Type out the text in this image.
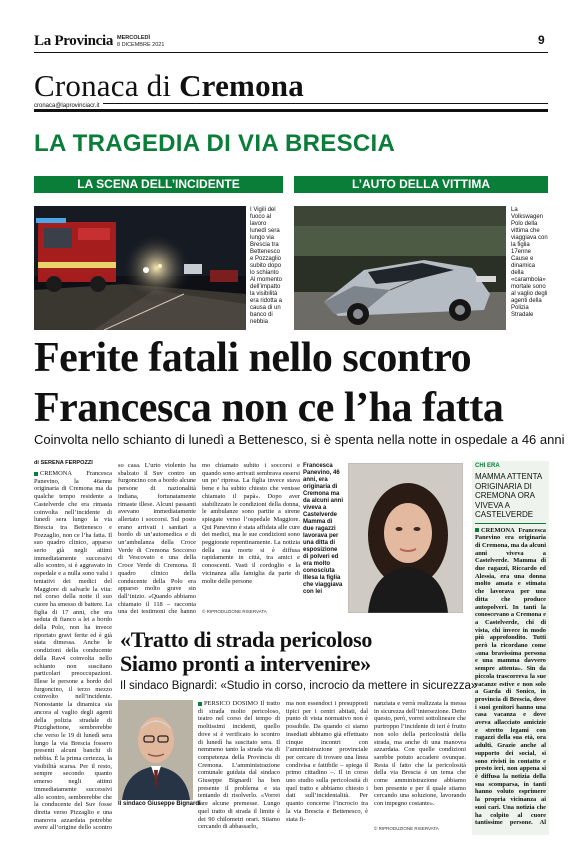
La Provincia MERCOLEDÌ
8 DICEMBRE 2021	9
Cronaca di Cremona
cronaca@laprovinciacr.it
LA TRAGEDIA DI VIA BRESCIA
LA SCENA DELL’INCIDENTE	L’AUTO DELLA VITTIMA
I Vigili del fuoco al lavoro lunedì sera lungo via Brescia tra Bettenesco e Pozzaglio subito dopo lo schianto Al momento dell’impatto la visibilità era ridotta a causa di un banco di nebbia
La Volkswagen Polo della vittima che viaggiava con la figlia 17enne Cause e dinamica della «carambola» mortale sono al vaglio degli agenti della Polizia Stradale
Ferite fatali nello scontro
Francesca non ce l’ha fatta
Coinvolta nello schianto di lunedì a Bettenesco, si è spenta nella notte in ospedale a 46 anni
di SERENA FERPOZZI
CREMONA Francesca Panevino, la 46enne originaria di Cremona ma da qualche tempo residente a Castelverde che era rimasta coinvolta nell’incidente di lunedì sera lungo la via Brescia tra Bettenesco e Pozzaglio, non ce l’ha fatta. Il suo quadro clinico, apparso serio già negli attimi immediatamente successivi allo scontro, si è aggravato in ospedale e a nulla sono valsi i tentativi dei medici del Maggiore di salvarle la vita: nel corso della notte il suo cuore ha smesso di battere. La figlia di 17 anni, che era seduta di fianco a lei a bordo della Polo, non ha invece riportato gravi ferite ed è già stata dimessa. Anche le condizioni della conducente della Rav4 coinvolta nello schianto non suscitano particolari preoccupazioni. Illese le persone a bordo del furgoncino, il terzo mezzo coinvolto nell’incidente. Nonostante la dinamica sia ancora al vaglio degli agenti della polizia stradale di Pizzighettone, sembrerebbe che verso le 19 di lunedì sera lungo la via Brescia fossero presenti alcuni banchi di nebbia. È la prima certezza, la visibilità scarsa. Per il resto, sempre secondo quanto emerso negli attimi immediatamente successivi allo scontro, sembrerebbe che la conducente del Suv fosse diretta verso Pizzaglio e una manovra azzardata potrebbe avere all’origine dello scontro
so casa. L’urto violento ha sbalzato il Suv contro un furgoncino con a bordo alcune persone di nazionalità indiana, fortunatamente rimaste illese. Alcuni passanti avevano immediatamente allertato i soccorsi. Sul posto erano arrivati i sanitari a bordo di un’automedica e di un’ambulanza della Croce Verde di Cremona Soccorso di Vescovato e una della Croce Verde di Cremona. Il quadro clinico della conducente della Polo era apparso molto grave sin dall’inizio. «Quando abbiamo chiamato il 118 – racconta una dei testimoni che hanno
mo chiamato subito i soccorsi e quando sono arrivati sembrava essersi un po’ ripresa. La figlia invece stava bene e ha subito chiesto che venisse chiamato il papà». Dopo aver stabilizzato le condizioni della donna, le ambulanze sono partite a sirene spiegate verso l’ospedale Maggiore. Qui Panevino è stata affidata alle cure dei medici, ma le sue condizioni sono peggiorate repentinamente. La notizia della sua morte si è diffusa rapidamente in città, tra amici e conoscenti. Vasti il cordoglio e la vicinanza alla famiglia da parte di molte delle persone
© RIPRODUZIONE RISERVATA
Francesca Panevino, 46 anni, era originaria di Cremona ma da alcuni anni viveva a Castelverde Mamma di due ragazzi lavorava per una ditta di esposizione di polveri ed era molto conosciuta Illesa la figlia che viaggiava con lei
CHI ERA
MAMMA ATTENTA ORIGINARIA DI CREMONA ORA VIVEVA A CASTELVERDE
CREMONA Francesca Panevino era originaria di Cremona, ma da alcuni anni viveva a Castelverde. Mamma di due ragazzi, Riccardo ed Alessia, era una donna molto amata e stimata che lavorava per una ditta che produce autopolveri. In tanti la conoscevano a Cremona e a Castelverde, chi di vista, chi invece in modo più approfondito. Tutti però la ricordano come «una bravissima persona e una mamma davvero sempre attenta». Sin da piccola trascorreva la sue vacanze estive e non solo a Garda di Sonico, in provincia di Brescia, dove i suoi genitori hanno una casa vacanza e dove aveva allacciato amicizie e stretto legami con ragazzi della sua età, ora adulti. Grazie anche al supporto dei social, si sono rivisti in contatto e presto ieri, non appena si è diffusa la notizia della sua scomparsa, in tanti hanno voluto esprimere la propria vicinanza ai suoi cari. Una notizia che ha colpito al cuore tantissime persone. Al
«Tratto di strada pericoloso
Siamo pronti a intervenire»
Il sindaco Bignardi: «Studio in corso, incrocio da mettere in sicurezza»
Il sindaco Giuseppe Bignardi
PERSICO DOSIMO Il tratto di strada molto pericoloso, teatro nel corso del tempo di moltissimi incidenti, quello dove si è verificato lo scontro di lunedì ha suscitato sera. Il nemmeno tanto la strada via di competenza della Provincia di Cremona. L’amministrazione comunale guidata dal sindaco Giuseppe Bignardi ha ben presente il problema e sta tentando di risolverlo. «Vorrei fare alcune premesse. Lungo quel tratto di strada il limite è dei 90 chilometri orari. Stiamo cercando di abbassarlo,
ma non essendoci i presupposti tipici per i centri abitati, dal punto di vista normativo non è possibile. Da quando ci siamo insediati abbiamo già effettuato cinque incontri con l’amministrazione provinciale per cercare di trovare una linea condivisa e fattibile – spiega il primo cittadino –. Il in corso uno studio sulla pericolosità di quel tratto e abbiamo chiesto i dati sull’incidentalità. Per quanto concerne l’incrocio tra la via Brescia e Bettenesco, è stata fi-
nanziata e verrà realizzata la messa in sicurezza dell’intersezione. Detto questo, però, vorrei sottolineare che purtroppo l’incidente di ieri è frutto non solo della pericolosità della strada, ma anche di una manovra azzardata. Con quelle condizioni sarebbe potuto accadere ovunque. Resta il fatto che la pericolosità della via Brescia è un tema che come amministrazione abbiamo ben presente e per il quale stiamo cercando una soluzione, lavorando con impegno costante».
© RIPRODUZIONE RISERVATA
